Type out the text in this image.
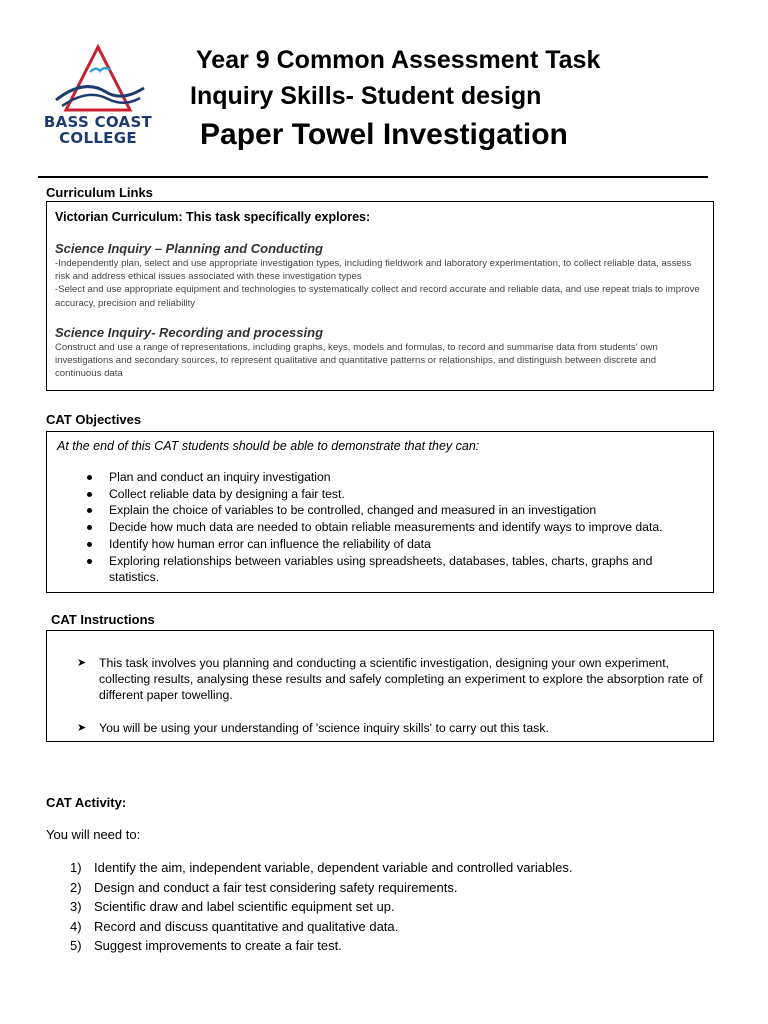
BASS COAST
COLLEGE
Year 9 Common Assessment Task
Inquiry Skills- Student design
Paper Towel Investigation
Curriculum Links

Victorian Curriculum: This task specifically explores:

Science Inquiry – Planning and Conducting

-Independently plan, select and use appropriate investigation types, including fieldwork and laboratory experimentation, to collect reliable data, assess risk and address ethical issues associated with these investigation types

-Select and use appropriate equipment and technologies to systematically collect and record accurate and reliable data, and use repeat trials to improve accuracy, precision and reliability

Science Inquiry- Recording and processing

Construct and use a range of representations, including graphs, keys, models and formulas, to record and summarise data from students' own investigations and secondary sources, to represent qualitative and quantitative patterns or relationships, and distinguish between discrete and continuous data

CAT Objectives

At the end of this CAT students should be able to demonstrate that they can:

Plan and conduct an inquiry investigation
Collect reliable data by designing a fair test.
Explain the choice of variables to be controlled, changed and measured in an investigation
Decide how much data are needed to obtain reliable measurements and identify ways to improve data.
Identify how human error can influence the reliability of data
Exploring relationships between variables using spreadsheets, databases, tables, charts, graphs and statistics.
CAT Instructions

➤ This task involves you planning and conducting a scientific investigation, designing your own experiment, collecting results, analysing these results and safely completing an experiment to explore the absorption rate of different paper towelling.

➤ You will be using your understanding of 'science inquiry skills' to carry out this task.

CAT Activity:
You will need to:
1) Identify the aim, independent variable, dependent variable and controlled variables.
2) Design and conduct a fair test considering safety requirements.
3) Scientific draw and label scientific equipment set up.
4) Record and discuss quantitative and qualitative data.
5) Suggest improvements to create a fair test.
